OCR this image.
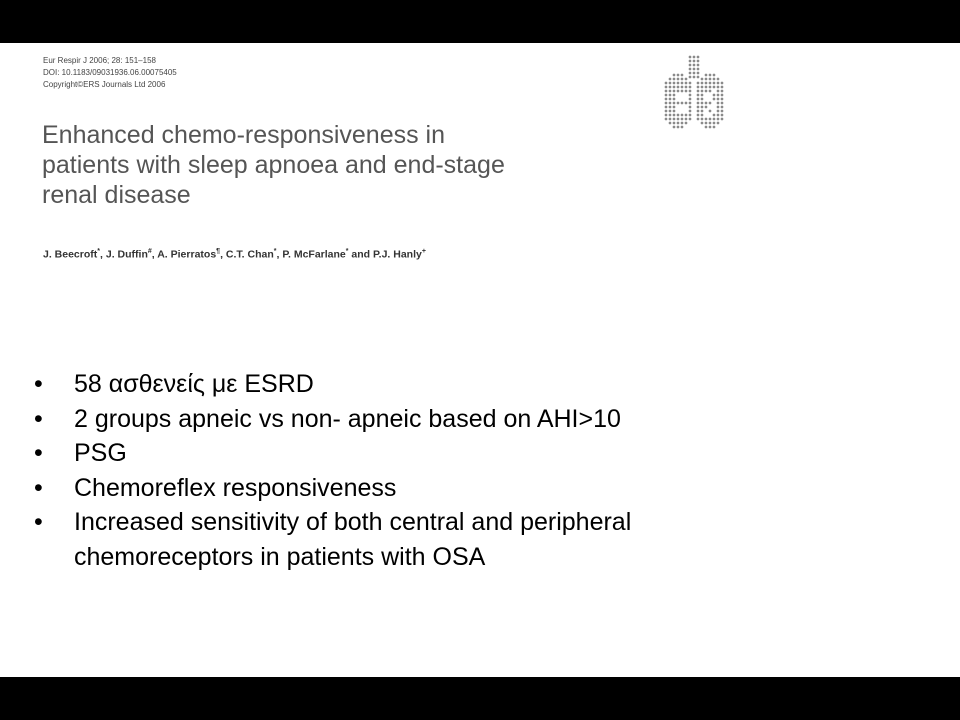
Eur Respir J 2006; 28: 151–158
DOI: 10.1183/09031936.06.00075405
Copyright©ERS Journals Ltd 2006
Enhanced chemo-responsiveness in
patients with sleep apnoea and end-stage
renal disease
J. Beecroft*, J. Duffin#, A. Pierratos¶, C.T. Chan*, P. McFarlane* and P.J. Hanly+
• 58 ασθενείς με ESRD
• 2 groups apneic vs non- apneic based on AHI>10
• PSG
• Chemoreflex responsiveness
• Increased sensitivity of both central and peripheral
chemoreceptors in patients with OSA
